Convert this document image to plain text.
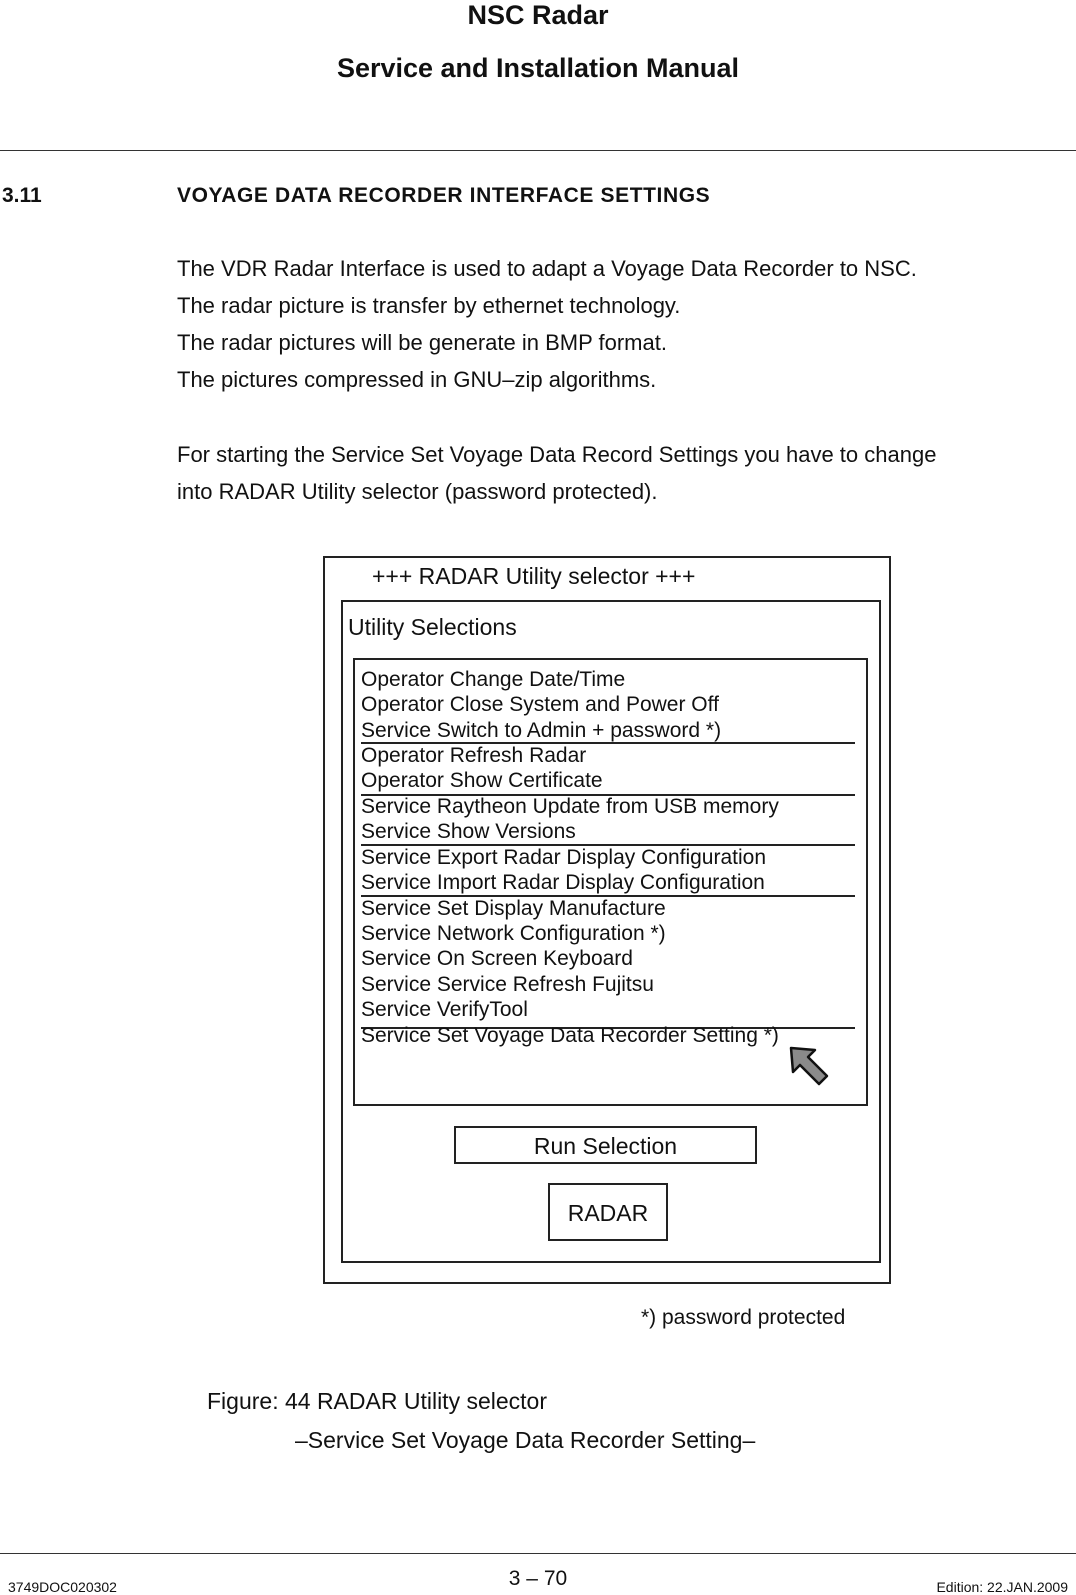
NSC Radar
Service and Installation Manual
3.11	VOYAGE DATA RECORDER INTERFACE SETTINGS
The VDR Radar Interface is used to adapt a Voyage Data Recorder to NSC.
The radar picture is transfer by ethernet technology.
The radar pictures will be generate in BMP format.
The pictures compressed in GNU–zip algorithms.
For starting the Service Set Voyage Data Record Settings you have to change
into RADAR Utility selector (password protected).
+++ RADAR Utility selector +++
Utility Selections
Operator Change Date/Time
Operator Close System and Power Off
Service Switch to Admin + password *)
Operator Refresh Radar
Operator Show Certificate
Service Raytheon Update from USB memory
Service Show Versions
Service Export Radar Display Configuration
Service Import Radar Display Configuration
Service Set Display Manufacture
Service Network Configuration *)
Service On Screen Keyboard
Service Service Refresh Fujitsu
Service VerifyTool
Service Set Voyage Data Recorder Setting *)
Run Selection
RADAR
*) password protected
Figure: 44 RADAR Utility selector
–Service Set Voyage Data Recorder Setting–
3749DOC020302	3 – 70	Edition: 22.JAN.2009
